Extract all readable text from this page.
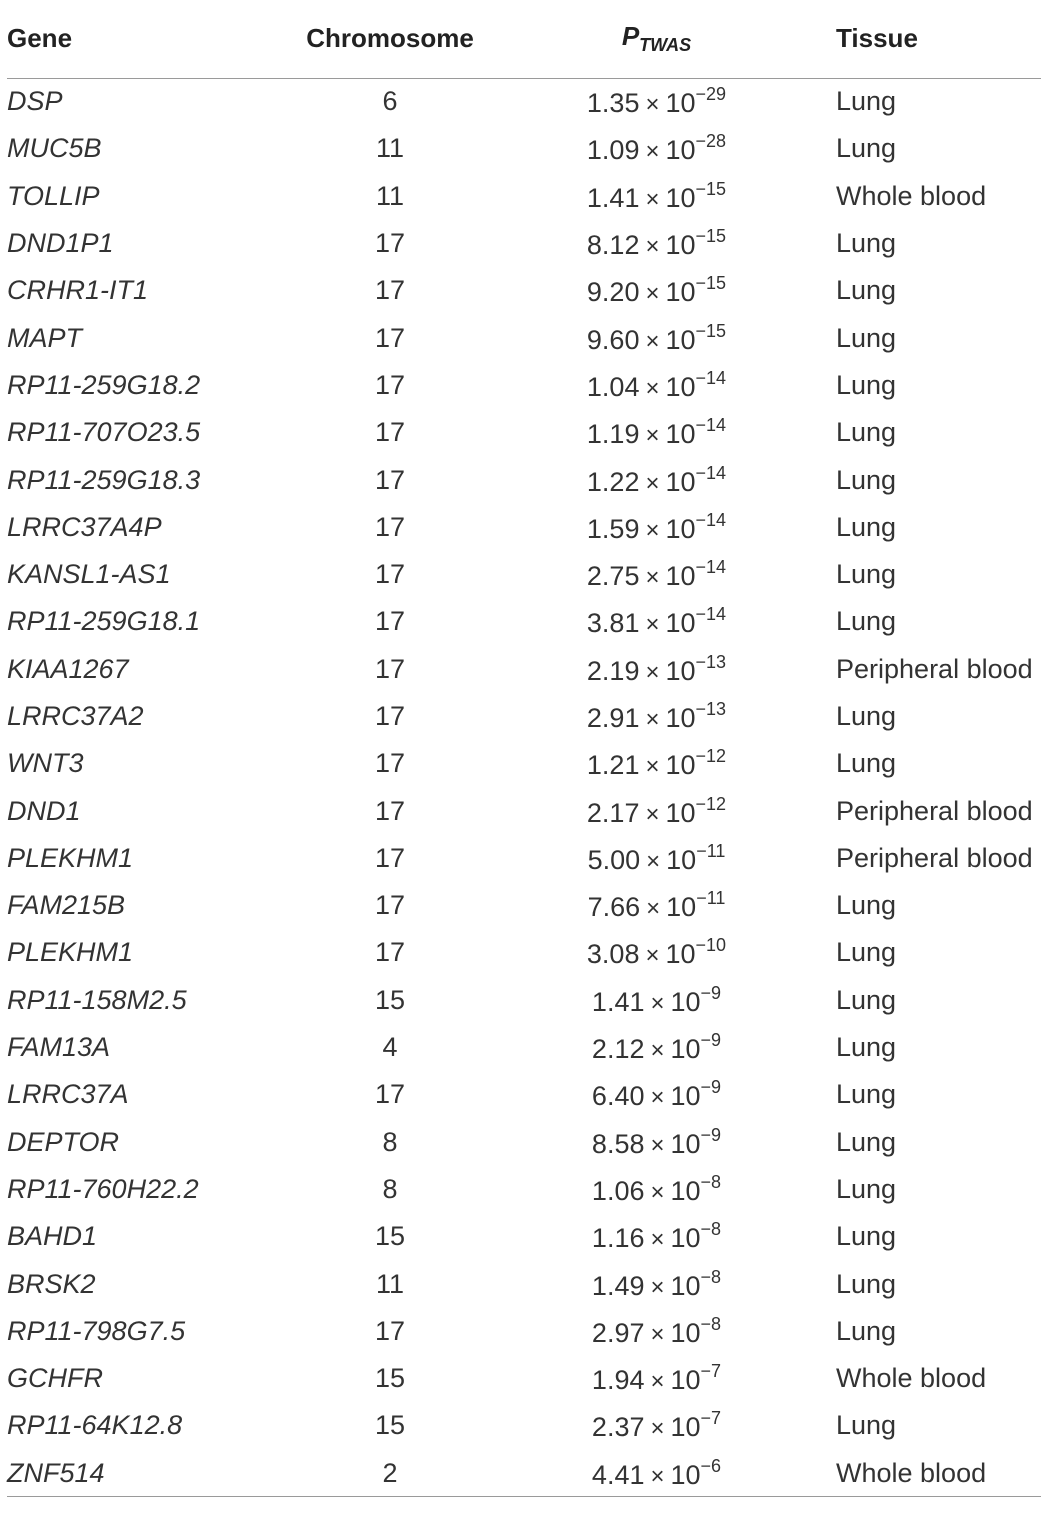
Gene	Chromosome	$P_{TWAS}$	Tissue
DSP	6	$1.35 \times 10^{-29}$	Lung
MUC5B	11	$1.09 \times 10^{-28}$	Lung
TOLLIP	11	$1.41 \times 10^{-15}$	Whole blood
DND1P1	17	$8.12 \times 10^{-15}$	Lung
CRHR1-IT1	17	$9.20 \times 10^{-15}$	Lung
MAPT	17	$9.60 \times 10^{-15}$	Lung
RP11-259G18.2	17	$1.04 \times 10^{-14}$	Lung
RP11-707O23.5	17	$1.19 \times 10^{-14}$	Lung
RP11-259G18.3	17	$1.22 \times 10^{-14}$	Lung
LRRC37A4P	17	$1.59 \times 10^{-14}$	Lung
KANSL1-AS1	17	$2.75 \times 10^{-14}$	Lung
RP11-259G18.1	17	$3.81 \times 10^{-14}$	Lung
KIAA1267	17	$2.19 \times 10^{-13}$	Peripheral blood
LRRC37A2	17	$2.91 \times 10^{-13}$	Lung
WNT3	17	$1.21 \times 10^{-12}$	Lung
DND1	17	$2.17 \times 10^{-12}$	Peripheral blood
PLEKHM1	17	$5.00 \times 10^{-11}$	Peripheral blood
FAM215B	17	$7.66 \times 10^{-11}$	Lung
PLEKHM1	17	$3.08 \times 10^{-10}$	Lung
RP11-158M2.5	15	$1.41 \times 10^{-9}$	Lung
FAM13A	4	$2.12 \times 10^{-9}$	Lung
LRRC37A	17	$6.40 \times 10^{-9}$	Lung
DEPTOR	8	$8.58 \times 10^{-9}$	Lung
RP11-760H22.2	8	$1.06 \times 10^{-8}$	Lung
BAHD1	15	$1.16 \times 10^{-8}$	Lung
BRSK2	11	$1.49 \times 10^{-8}$	Lung
RP11-798G7.5	17	$2.97 \times 10^{-8}$	Lung
GCHFR	15	$1.94 \times 10^{-7}$	Whole blood
RP11-64K12.8	15	$2.37 \times 10^{-7}$	Lung
ZNF514	2	$4.41 \times 10^{-6}$	Whole blood
